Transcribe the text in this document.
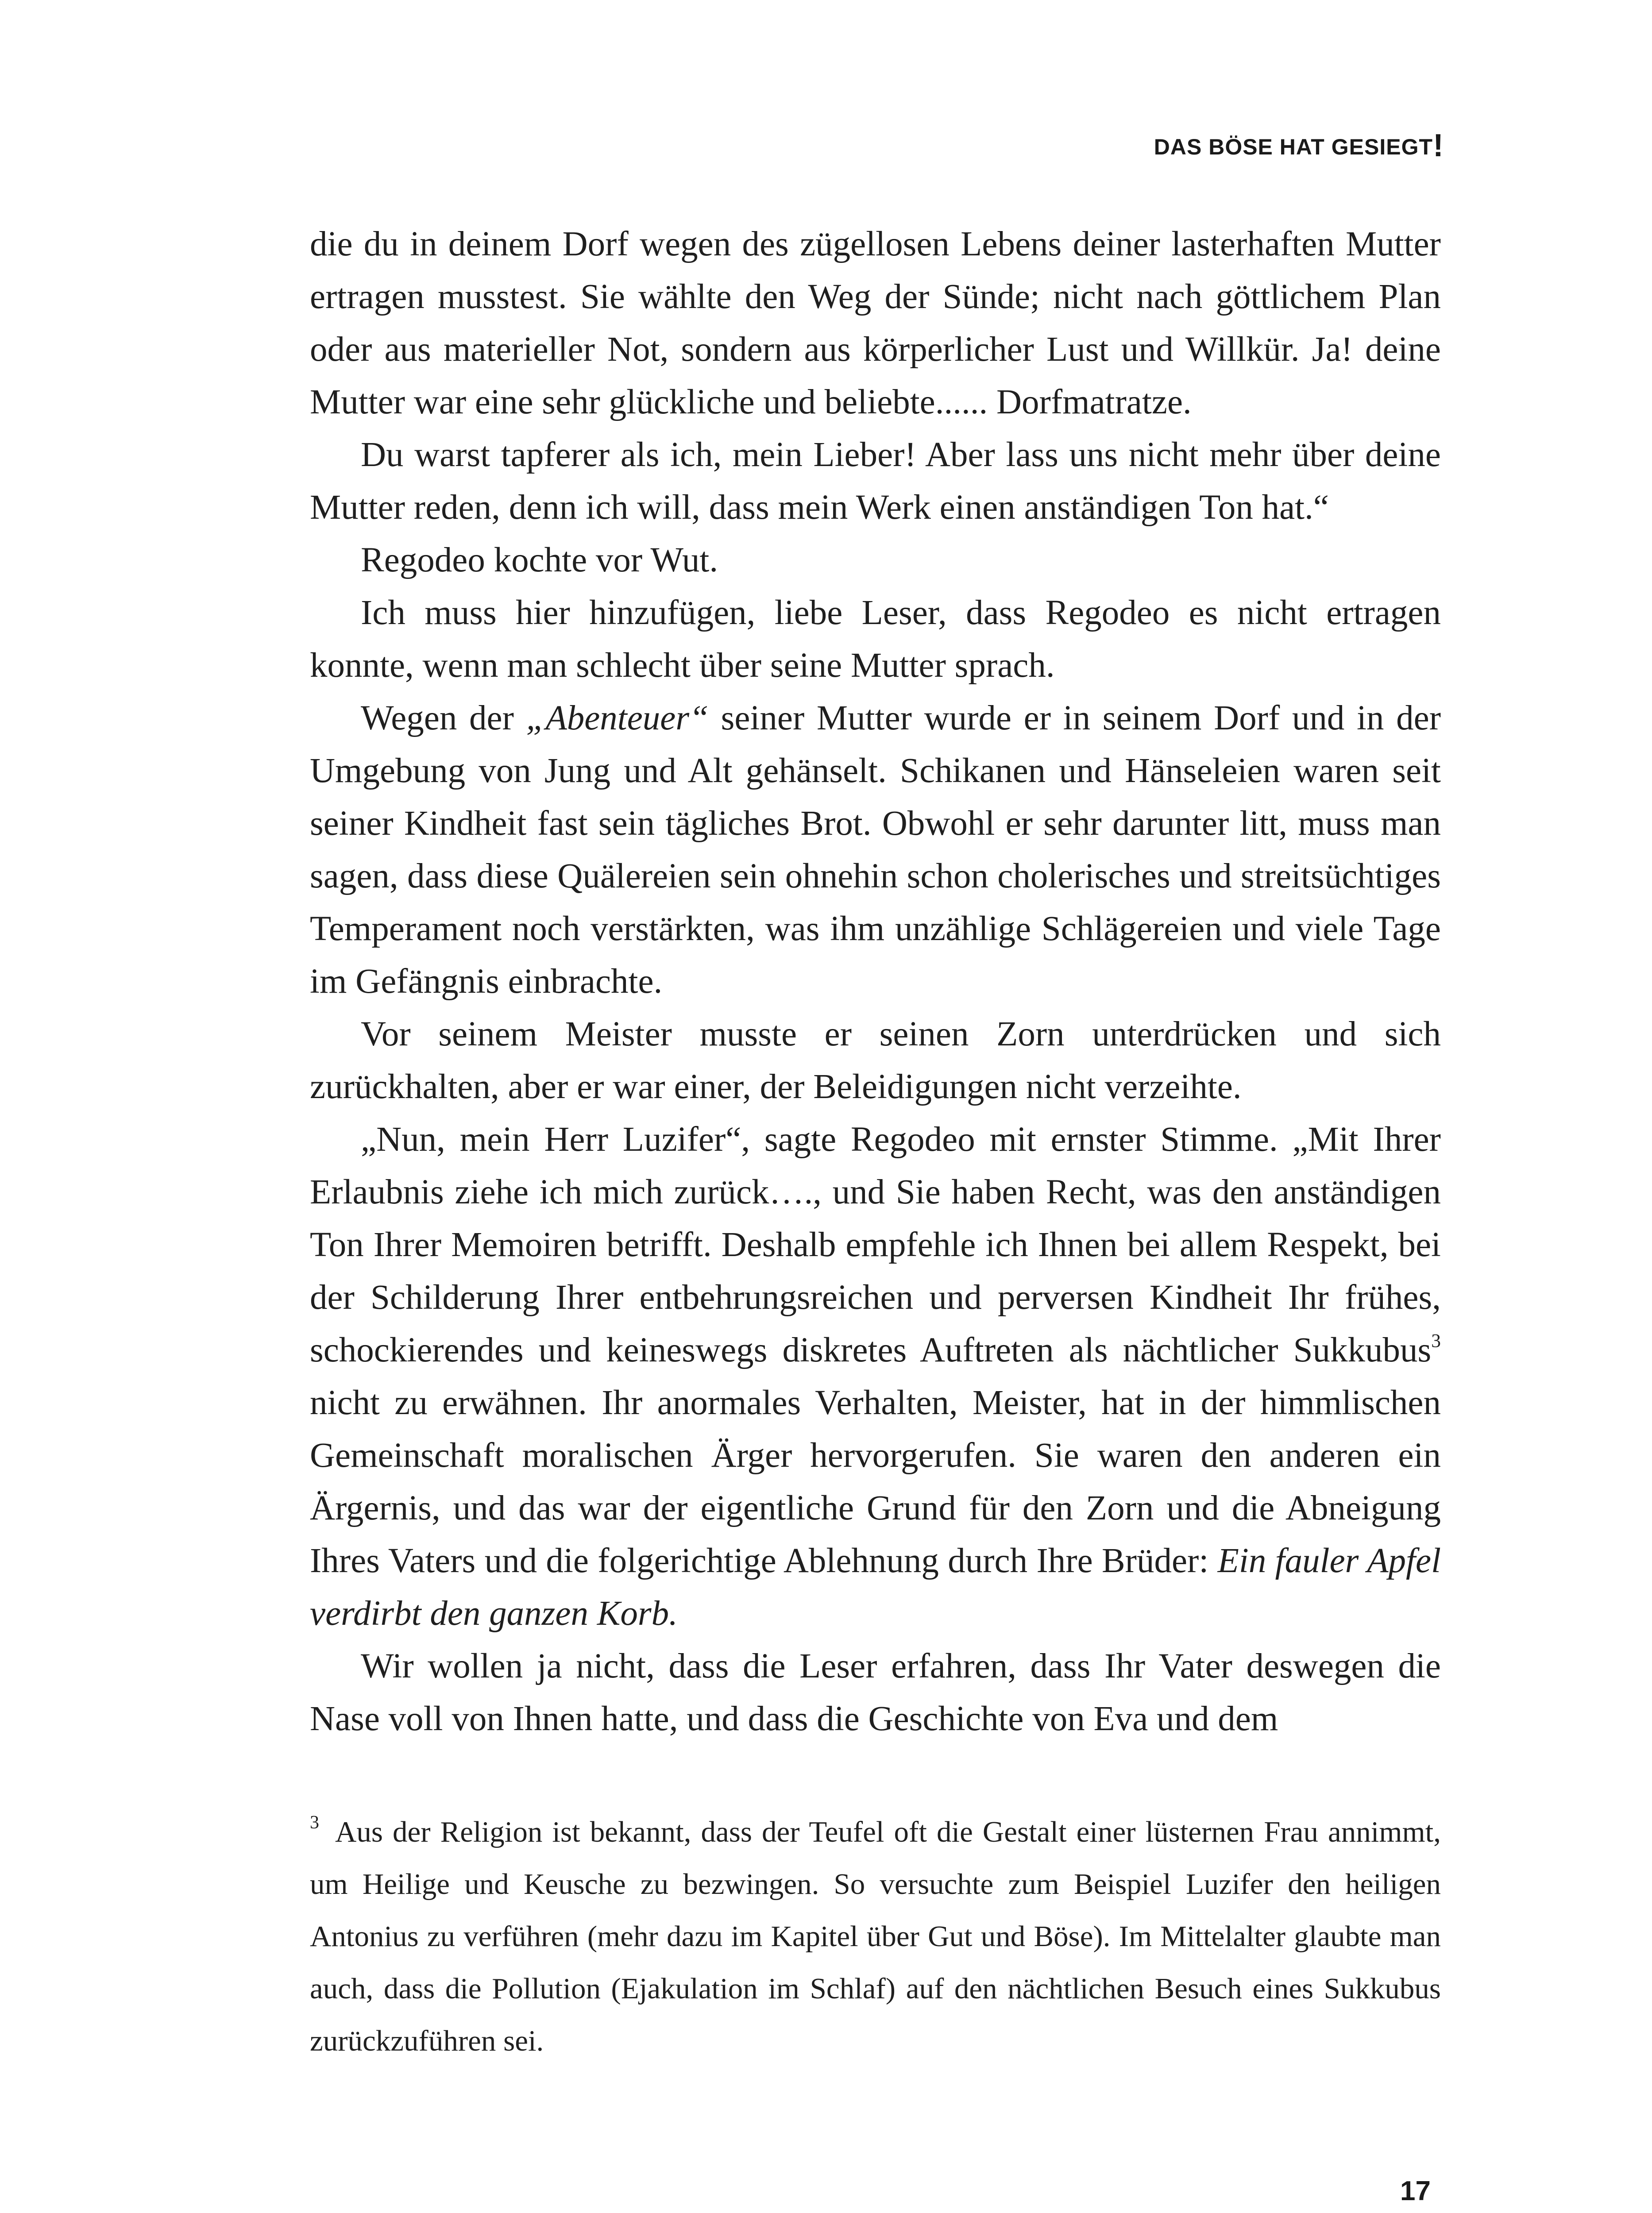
DAS BÖSE HAT GESIEGT!

die du in deinem Dorf wegen des zügellosen Lebens deiner lasterhaften Mutter ertragen musstest. Sie wählte den Weg der Sünde; nicht nach göttlichem Plan oder aus materieller Not, sondern aus körperlicher Lust und Willkür. Ja! deine Mutter war eine sehr glückliche und beliebte...... Dorfmatratze.

Du warst tapferer als ich, mein Lieber! Aber lass uns nicht mehr über deine Mutter reden, denn ich will, dass mein Werk einen anständigen Ton hat.“

Regodeo kochte vor Wut.

Ich muss hier hinzufügen, liebe Leser, dass Regodeo es nicht ertragen konnte, wenn man schlecht über seine Mutter sprach.

Wegen der „Abenteuer“ seiner Mutter wurde er in seinem Dorf und in der Umgebung von Jung und Alt gehänselt. Schikanen und Hänseleien waren seit seiner Kindheit fast sein tägliches Brot. Obwohl er sehr darunter litt, muss man sagen, dass diese Quälereien sein ohnehin schon cholerisches und streitsüchtiges Temperament noch verstärkten, was ihm unzählige Schlägereien und viele Tage im Gefängnis einbrachte.

Vor seinem Meister musste er seinen Zorn unterdrücken und sich zurückhalten, aber er war einer, der Beleidigungen nicht verzeihte.

„Nun, mein Herr Luzifer“, sagte Regodeo mit ernster Stimme. „Mit Ihrer Erlaubnis ziehe ich mich zurück…., und Sie haben Recht, was den anständigen Ton Ihrer Memoiren betrifft. Deshalb empfehle ich Ihnen bei allem Respekt, bei der Schilderung Ihrer entbehrungsreichen und perversen Kindheit Ihr frühes, schockierendes und keineswegs diskretes Auftreten als nächtlicher Sukkubus$^3$ nicht zu erwähnen. Ihr anormales Verhalten, Meister, hat in der himmlischen Gemeinschaft moralischen Ärger hervorgerufen. Sie waren den anderen ein Ärgernis, und das war der eigentliche Grund für den Zorn und die Abneigung Ihres Vaters und die folgerichtige Ablehnung durch Ihre Brüder: Ein fauler Apfel verdirbt den ganzen Korb.

Wir wollen ja nicht, dass die Leser erfahren, dass Ihr Vater deswegen die Nase voll von Ihnen hatte, und dass die Geschichte von Eva und dem

$^3$ Aus der Religion ist bekannt, dass der Teufel oft die Gestalt einer lüsternen Frau annimmt, um Heilige und Keusche zu bezwingen. So versuchte zum Beispiel Luzifer den heiligen Antonius zu verführen (mehr dazu im Kapitel über Gut und Böse). Im Mittelalter glaubte man auch, dass die Pollution (Ejakulation im Schlaf) auf den nächtlichen Besuch eines Sukkubus zurückzuführen sei.

17
